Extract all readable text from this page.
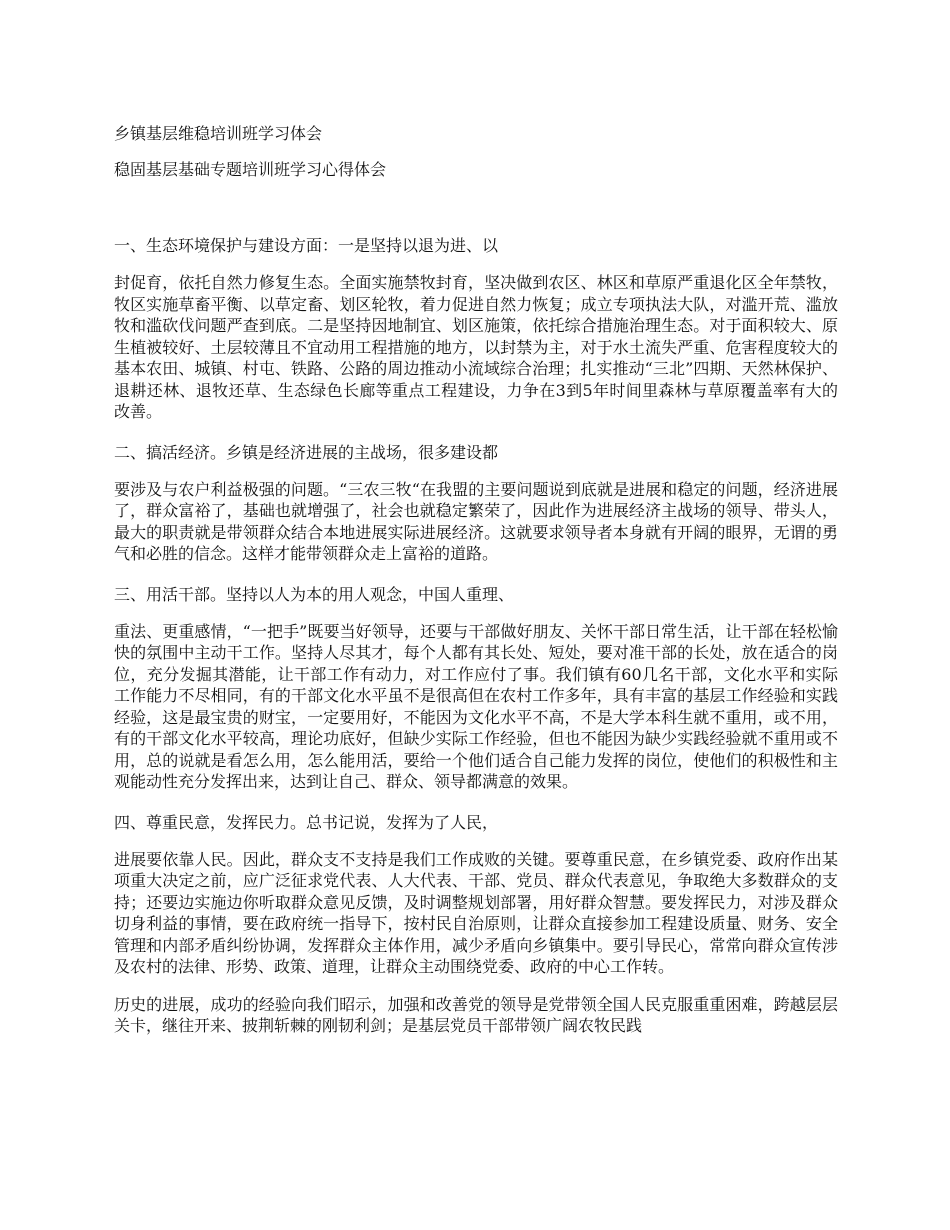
乡镇基层维稳培训班学习体会

稳固基层基础专题培训班学习心得体会

一、生态环境保护与建设方面：一是坚持以退为进、以

封促育，依托自然力修复生态。全面实施禁牧封育，坚决做到农区、林区和草原严重退化区全年禁牧，牧区实施草畜平衡、以草定畜、划区轮牧，着力促进自然力恢复；成立专项执法大队，对滥开荒、滥放牧和滥砍伐问题严查到底。二是坚持因地制宜、划区施策，依托综合措施治理生态。对于面积较大、原生植被较好、土层较薄且不宜动用工程措施的地方，以封禁为主，对于水土流失严重、危害程度较大的基本农田、城镇、村屯、铁路、公路的周边推动小流域综合治理；扎实推动“三北”四期、天然林保护、退耕还林、退牧还草、生态绿色长廊等重点工程建设，力争在3到5年时间里森林与草原覆盖率有大的改善。

二、搞活经济。乡镇是经济进展的主战场，很多建设都

要涉及与农户利益极强的问题。“三农三牧“在我盟的主要问题说到底就是进展和稳定的问题，经济进展了，群众富裕了，基础也就增强了，社会也就稳定繁荣了，因此作为进展经济主战场的领导、带头人，最大的职责就是带领群众结合本地进展实际进展经济。这就要求领导者本身就有开阔的眼界，无谓的勇气和必胜的信念。这样才能带领群众走上富裕的道路。

三、用活干部。坚持以人为本的用人观念，中国人重理、

重法、更重感情，“一把手”既要当好领导，还要与干部做好朋友、关怀干部日常生活，让干部在轻松愉快的氛围中主动干工作。坚持人尽其才，每个人都有其长处、短处，要对准干部的长处，放在适合的岗位，充分发掘其潜能，让干部工作有动力，对工作应付了事。我们镇有60几名干部，文化水平和实际工作能力不尽相同，有的干部文化水平虽不是很高但在农村工作多年，具有丰富的基层工作经验和实践经验，这是最宝贵的财宝，一定要用好，不能因为文化水平不高，不是大学本科生就不重用，或不用，有的干部文化水平较高，理论功底好，但缺少实际工作经验，但也不能因为缺少实践经验就不重用或不用，总的说就是看怎么用，怎么能用活，要给一个他们适合自己能力发挥的岗位，使他们的积极性和主观能动性充分发挥出来，达到让自己、群众、领导都满意的效果。

四、尊重民意，发挥民力。总书记说，发挥为了人民，

进展要依靠人民。因此，群众支不支持是我们工作成败的关键。要尊重民意，在乡镇党委、政府作出某项重大决定之前，应广泛征求党代表、人大代表、干部、党员、群众代表意见，争取绝大多数群众的支持；还要边实施边你听取群众意见反馈，及时调整规划部署，用好群众智慧。要发挥民力，对涉及群众切身利益的事情，要在政府统一指导下，按村民自治原则，让群众直接参加工程建设质量、财务、安全管理和内部矛盾纠纷协调，发挥群众主体作用，减少矛盾向乡镇集中。要引导民心，常常向群众宣传涉及农村的法律、形势、政策、道理，让群众主动围绕党委、政府的中心工作转。

历史的进展，成功的经验向我们昭示，加强和改善党的领导是党带领全国人民克服重重困难，跨越层层关卡，继往开来、披荆斩棘的刚韧利剑；是基层党员干部带领广阔农牧民践
